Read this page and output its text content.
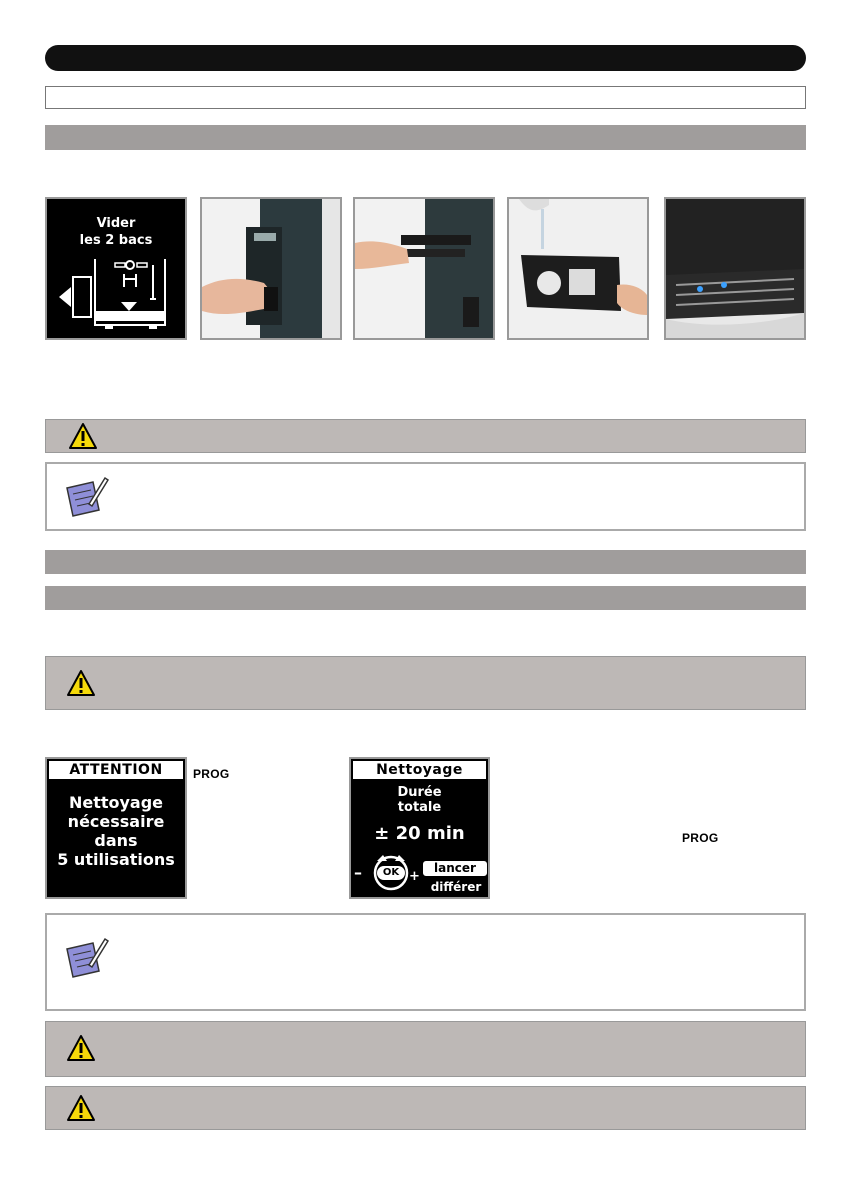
Vider
les 2 bacs
ATTENTION
Nettoyage
nécessaire
dans
5 utilisations
PROG	Nettoyage
Durée
totale
± 20 min
OK
–	+
lancer
différer
PROG
